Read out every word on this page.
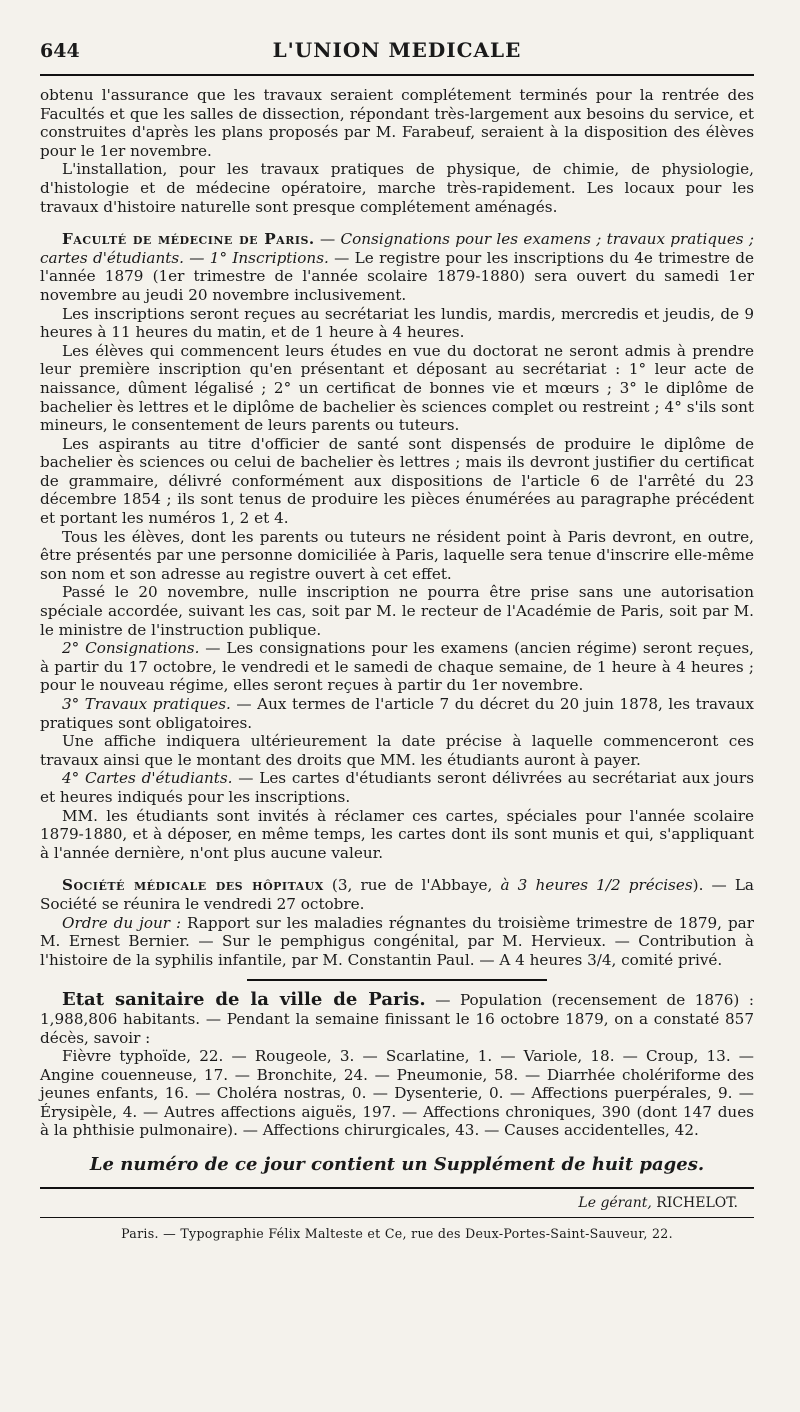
644	L'UNION MEDICALE

obtenu l'assurance que les travaux seraient complétement terminés pour la rentrée des Facultés et que les salles de dissection, répondant très-largement aux besoins du service, et construites d'après les plans proposés par M. Farabeuf, seraient à la disposition des élèves pour le 1er novembre.

L'installation, pour les travaux pratiques de physique, de chimie, de physiologie, d'histologie et de médecine opératoire, marche très-rapidement. Les locaux pour les travaux d'histoire naturelle sont presque complétement aménagés.

Faculté de médecine de Paris. — Consignations pour les examens ; travaux pratiques ; cartes d'étudiants. — 1° Inscriptions. — Le registre pour les inscriptions du 4e trimestre de l'année 1879 (1er trimestre de l'année scolaire 1879-1880) sera ouvert du samedi 1er novembre au jeudi 20 novembre inclusivement.

Les inscriptions seront reçues au secrétariat les lundis, mardis, mercredis et jeudis, de 9 heures à 11 heures du matin, et de 1 heure à 4 heures.

Les élèves qui commencent leurs études en vue du doctorat ne seront admis à prendre leur première inscription qu'en présentant et déposant au secrétariat : 1° leur acte de naissance, dûment légalisé ; 2° un certificat de bonnes vie et mœurs ; 3° le diplôme de bachelier ès lettres et le diplôme de bachelier ès sciences complet ou restreint ; 4° s'ils sont mineurs, le consentement de leurs parents ou tuteurs.

Les aspirants au titre d'officier de santé sont dispensés de produire le diplôme de bachelier ès sciences ou celui de bachelier ès lettres ; mais ils devront justifier du certificat de grammaire, délivré conformément aux dispositions de l'article 6 de l'arrêté du 23 décembre 1854 ; ils sont tenus de produire les pièces énumérées au paragraphe précédent et portant les numéros 1, 2 et 4.

Tous les élèves, dont les parents ou tuteurs ne résident point à Paris devront, en outre, être présentés par une personne domiciliée à Paris, laquelle sera tenue d'inscrire elle-même son nom et son adresse au registre ouvert à cet effet.

Passé le 20 novembre, nulle inscription ne pourra être prise sans une autorisation spéciale accordée, suivant les cas, soit par M. le recteur de l'Académie de Paris, soit par M. le ministre de l'instruction publique.

2° Consignations. — Les consignations pour les examens (ancien régime) seront reçues, à partir du 17 octobre, le vendredi et le samedi de chaque semaine, de 1 heure à 4 heures ; pour le nouveau régime, elles seront reçues à partir du 1er novembre.

3° Travaux pratiques. — Aux termes de l'article 7 du décret du 20 juin 1878, les travaux pratiques sont obligatoires.

Une affiche indiquera ultérieurement la date précise à laquelle commenceront ces travaux ainsi que le montant des droits que MM. les étudiants auront à payer.

4° Cartes d'étudiants. — Les cartes d'étudiants seront délivrées au secrétariat aux jours et heures indiqués pour les inscriptions.

MM. les étudiants sont invités à réclamer ces cartes, spéciales pour l'année scolaire 1879-1880, et à déposer, en même temps, les cartes dont ils sont munis et qui, s'appliquant à l'année dernière, n'ont plus aucune valeur.

Société médicale des hôpitaux (3, rue de l'Abbaye, à 3 heures 1/2 précises). — La Société se réunira le vendredi 27 octobre.

Ordre du jour : Rapport sur les maladies régnantes du troisième trimestre de 1879, par M. Ernest Bernier. — Sur le pemphigus congénital, par M. Hervieux. — Contribution à l'histoire de la syphilis infantile, par M. Constantin Paul. — A 4 heures 3/4, comité privé.

Etat sanitaire de la ville de Paris. — Population (recensement de 1876) : 1,988,806 habitants. — Pendant la semaine finissant le 16 octobre 1879, on a constaté 857 décès, savoir :

Fièvre typhoïde, 22. — Rougeole, 3. — Scarlatine, 1. — Variole, 18. — Croup, 13. — Angine couenneuse, 17. — Bronchite, 24. — Pneumonie, 58. — Diarrhée cholériforme des jeunes enfants, 16. — Choléra nostras, 0. — Dysenterie, 0. — Affections puerpérales, 9. — Érysipèle, 4. — Autres affections aiguës, 197. — Affections chroniques, 390 (dont 147 dues à la phthisie pulmonaire). — Affections chirurgicales, 43. — Causes accidentelles, 42.

Le numéro de ce jour contient un Supplément de huit pages.
Le gérant, RICHELOT.
Paris. — Typographie Félix Malteste et Ce, rue des Deux-Portes-Saint-Sauveur, 22.
